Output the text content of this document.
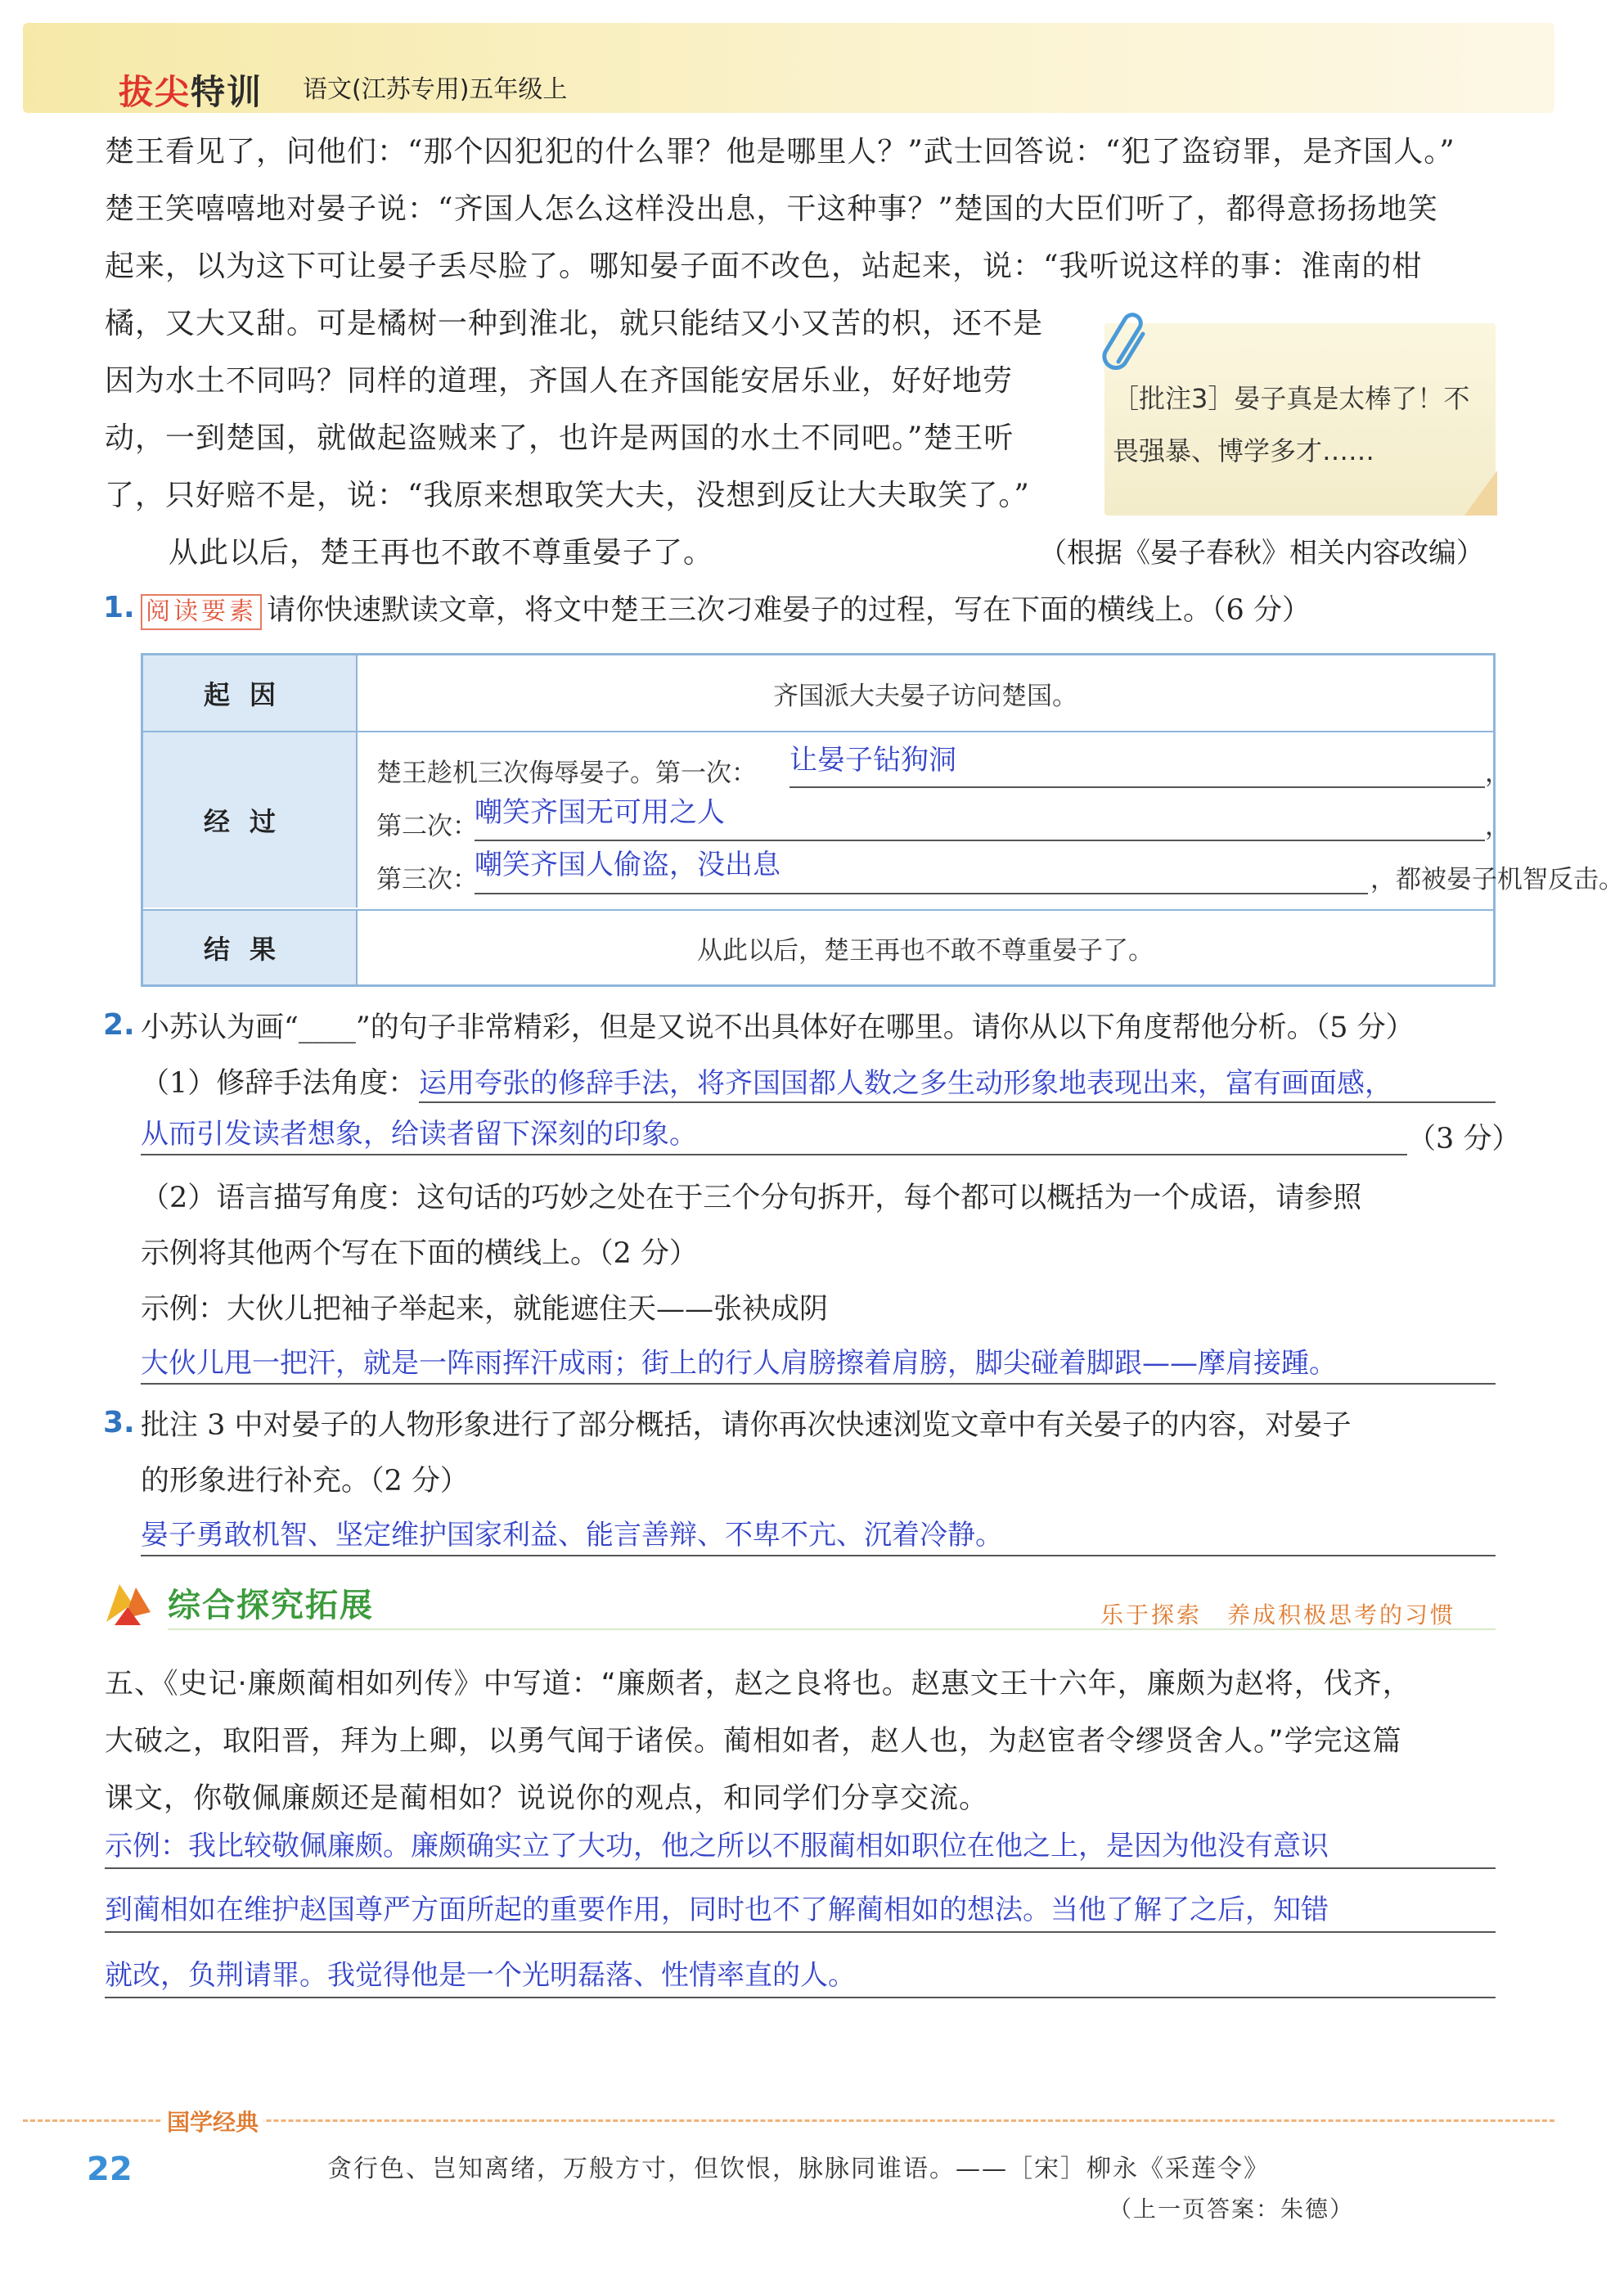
拔尖特训 语文(江苏专用)五年级上
楚王看见了，问他们：“那个囚犯犯的什么罪？他是哪里人？”武士回答说：“犯了盗窃罪，是齐国人。”
楚王笑嘻嘻地对晏子说：“齐国人怎么这样没出息，干这种事？”楚国的大臣们听了，都得意扬扬地笑
起来，以为这下可让晏子丢尽脸了。哪知晏子面不改色，站起来，说：“我听说这样的事：淮南的柑
橘，又大又甜。可是橘树一种到淮北，就只能结又小又苦的枳，还不是
因为水土不同吗？同样的道理，齐国人在齐国能安居乐业，好好地劳
动，一到楚国，就做起盗贼来了，也许是两国的水土不同吧。”楚王听
了，只好赔不是，说：“我原来想取笑大夫，没想到反让大夫取笑了。”
从此以后，楚王再也不敢不尊重晏子了。	（根据《晏子春秋》相关内容改编）
［批注3］晏子真是太棒了！不畏强暴、博学多才……
1. 阅读要素 请你快速默读文章，将文中楚王三次刁难晏子的过程，写在下面的横线上。（6 分）
起因	齐国派大夫晏子访问楚国。
经过
楚王趁机三次侮辱晏子。第一次： 让晏子钻狗洞	，
第二次：
嘲笑齐国无可用之人	，
第三次：
嘲笑齐国人偷盗，没出息	，都被晏子机智反击。
结果	从此以后，楚王再也不敢不尊重晏子了。
2. 小苏认为画“____”的句子非常精彩，但是又说不出具体好在哪里。请你从以下角度帮他分析。（5 分）
（1）修辞手法角度： 运用夸张的修辞手法，将齐国国都人数之多生动形象地表现出来，富有画面感，
从而引发读者想象，给读者留下深刻的印象。	（3 分）
（2）语言描写角度：这句话的巧妙之处在于三个分句拆开，每个都可以概括为一个成语，请参照
示例将其他两个写在下面的横线上。（2 分）
示例：大伙儿把袖子举起来，就能遮住天——张袂成阴
大伙儿甩一把汗，就是一阵雨挥汗成雨；街上的行人肩膀擦着肩膀，脚尖碰着脚跟——摩肩接踵。
3. 批注 3 中对晏子的人物形象进行了部分概括，请你再次快速浏览文章中有关晏子的内容，对晏子
的形象进行补充。（2 分）
晏子勇敢机智、坚定维护国家利益、能言善辩、不卑不亢、沉着冷静。
综合探究拓展	乐于探索　养成积极思考的习惯
五、《史记·廉颇蔺相如列传》中写道：“廉颇者，赵之良将也。赵惠文王十六年，廉颇为赵将，伐齐，
大破之，取阳晋，拜为上卿，以勇气闻于诸侯。蔺相如者，赵人也，为赵宦者令缪贤舍人。”学完这篇
课文，你敬佩廉颇还是蔺相如？说说你的观点，和同学们分享交流。
示例：我比较敬佩廉颇。廉颇确实立了大功，他之所以不服蔺相如职位在他之上，是因为他没有意识
到蔺相如在维护赵国尊严方面所起的重要作用，同时也不了解蔺相如的想法。当他了解了之后，知错
就改，负荆请罪。我觉得他是一个光明磊落、性情率直的人。
国学经典
22	贪行色、岂知离绪，万般方寸，但饮恨，脉脉同谁语。——［宋］柳永《采莲令》
（上一页答案：朱德）
